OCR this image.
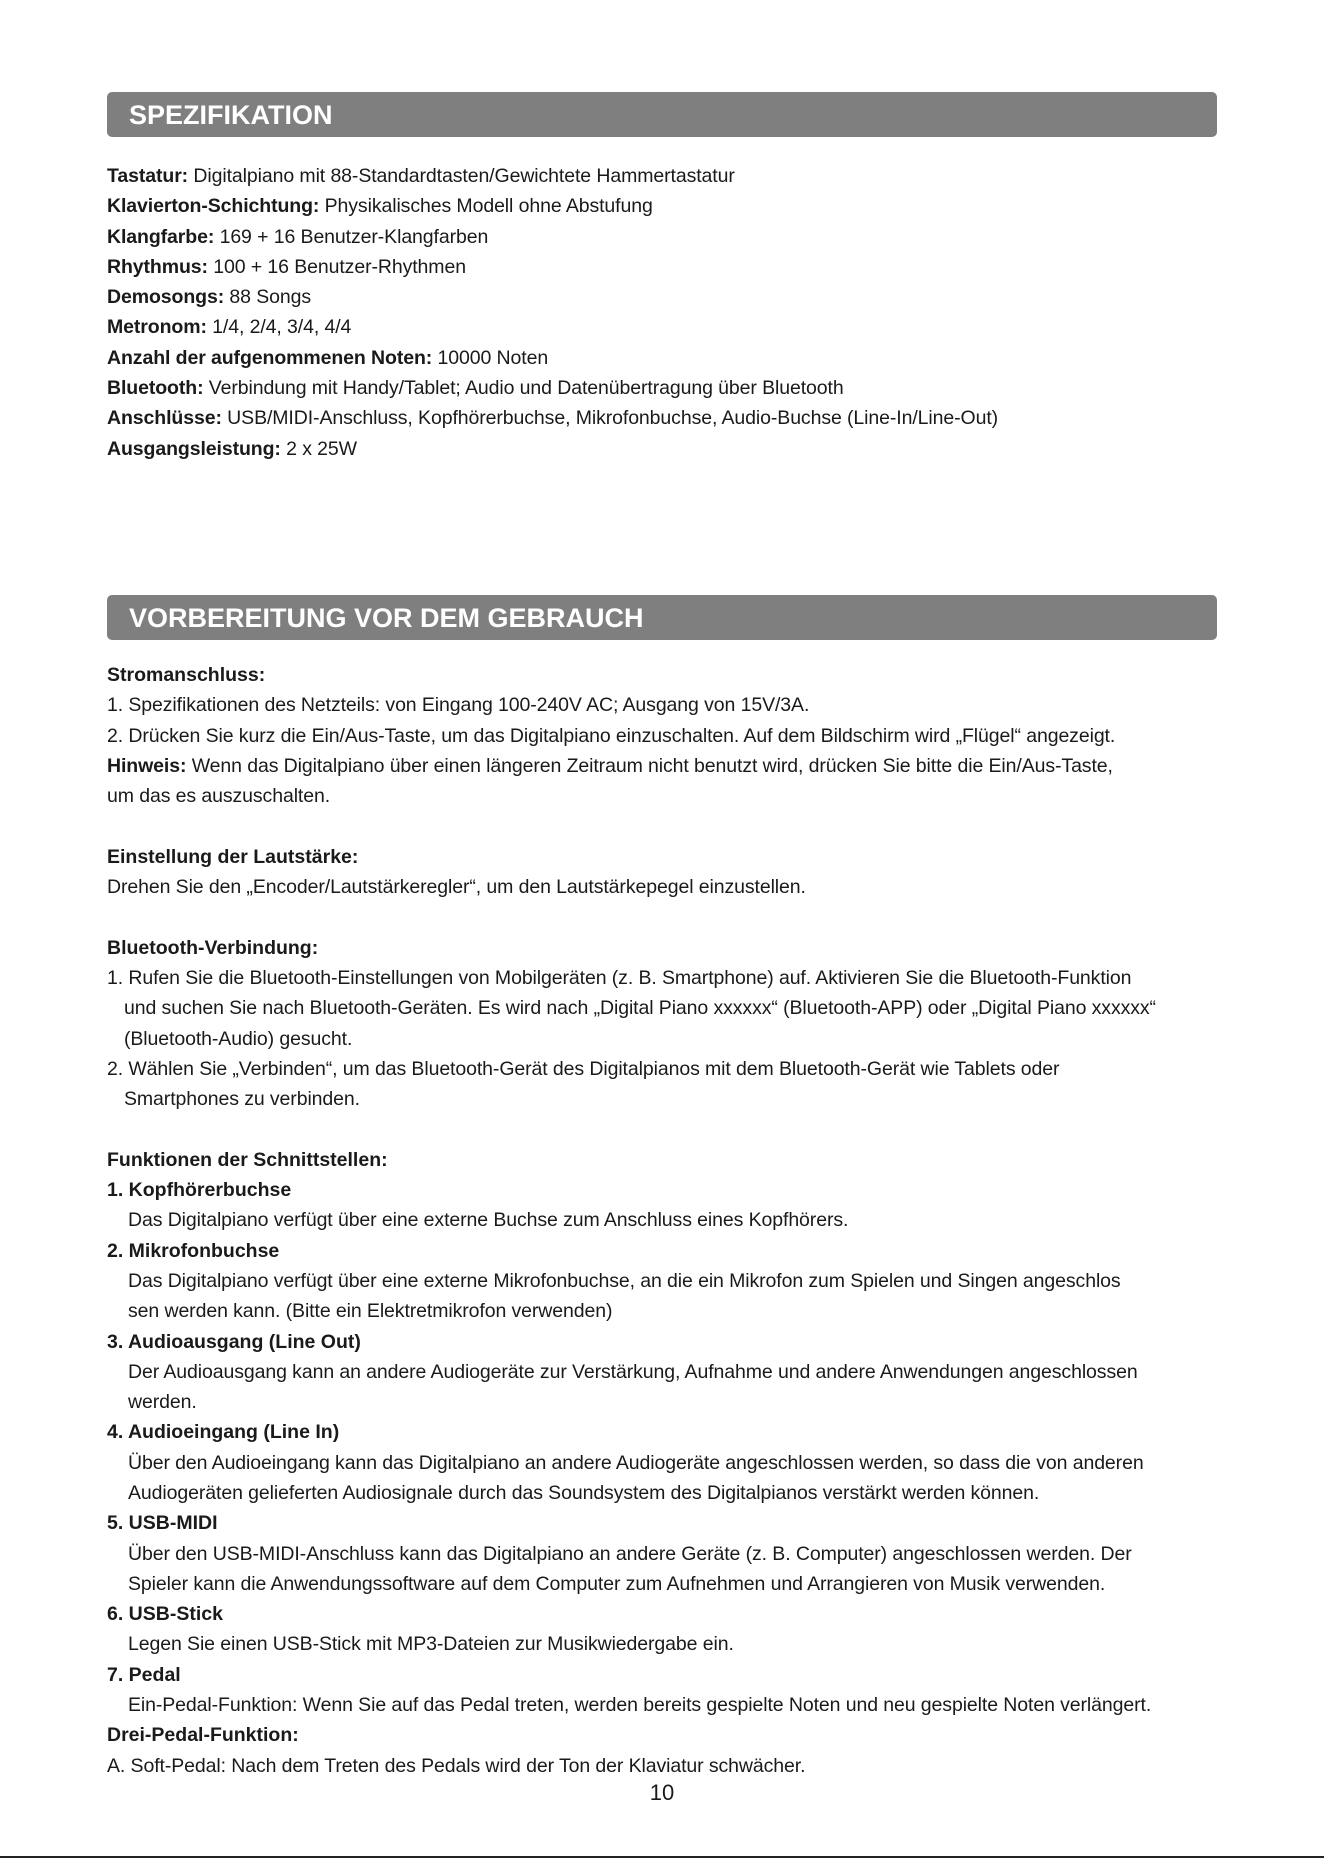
SPEZIFIKATION
Tastatur: Digitalpiano mit 88-Standardtasten/Gewichtete Hammertastatur
Klavierton-Schichtung: Physikalisches Modell ohne Abstufung
Klangfarbe: 169 + 16 Benutzer-Klangfarben
Rhythmus: 100 + 16 Benutzer-Rhythmen
Demosongs: 88 Songs
Metronom: 1/4, 2/4, 3/4, 4/4
Anzahl der aufgenommenen Noten: 10000 Noten
Bluetooth: Verbindung mit Handy/Tablet; Audio und Datenübertragung über Bluetooth
Anschlüsse: USB/MIDI-Anschluss, Kopfhörerbuchse, Mikrofonbuchse, Audio-Buchse (Line-In/Line-Out)
Ausgangsleistung: 2 x 25W
VORBEREITUNG VOR DEM GEBRAUCH
Stromanschluss:
1. Spezifikationen des Netzteils: von Eingang 100-240V AC; Ausgang von 15V/3A.
2. Drücken Sie kurz die Ein/Aus-Taste, um das Digitalpiano einzuschalten. Auf dem Bildschirm wird „Flügel“ angezeigt.
Hinweis: Wenn das Digitalpiano über einen längeren Zeitraum nicht benutzt wird, drücken Sie bitte die Ein/Aus-Taste,
um das es auszuschalten.
Einstellung der Lautstärke:
Drehen Sie den „Encoder/Lautstärkeregler“, um den Lautstärkepegel einzustellen.
Bluetooth-Verbindung:
1. Rufen Sie die Bluetooth-Einstellungen von Mobilgeräten (z. B. Smartphone) auf. Aktivieren Sie die Bluetooth-Funktion
und suchen Sie nach Bluetooth-Geräten. Es wird nach „Digital Piano xxxxxx“ (Bluetooth-APP) oder „Digital Piano xxxxxx“
(Bluetooth-Audio) gesucht.
2. Wählen Sie „Verbinden“, um das Bluetooth-Gerät des Digitalpianos mit dem Bluetooth-Gerät wie Tablets oder
Smartphones zu verbinden.
Funktionen der Schnittstellen:
1. Kopfhörerbuchse
Das Digitalpiano verfügt über eine externe Buchse zum Anschluss eines Kopfhörers.
2. Mikrofonbuchse
Das Digitalpiano verfügt über eine externe Mikrofonbuchse, an die ein Mikrofon zum Spielen und Singen angeschlos
sen werden kann. (Bitte ein Elektretmikrofon verwenden)
3. Audioausgang (Line Out)
Der Audioausgang kann an andere Audiogeräte zur Verstärkung, Aufnahme und andere Anwendungen angeschlossen
werden.
4. Audioeingang (Line In)
Über den Audioeingang kann das Digitalpiano an andere Audiogeräte angeschlossen werden, so dass die von anderen
Audiogeräten gelieferten Audiosignale durch das Soundsystem des Digitalpianos verstärkt werden können.
5. USB-MIDI
Über den USB-MIDI-Anschluss kann das Digitalpiano an andere Geräte (z. B. Computer) angeschlossen werden. Der
Spieler kann die Anwendungssoftware auf dem Computer zum Aufnehmen und Arrangieren von Musik verwenden.
6. USB-Stick
Legen Sie einen USB-Stick mit MP3-Dateien zur Musikwiedergabe ein.
7. Pedal
Ein-Pedal-Funktion: Wenn Sie auf das Pedal treten, werden bereits gespielte Noten und neu gespielte Noten verlängert.
Drei-Pedal-Funktion:
A. Soft-Pedal: Nach dem Treten des Pedals wird der Ton der Klaviatur schwächer.
10
